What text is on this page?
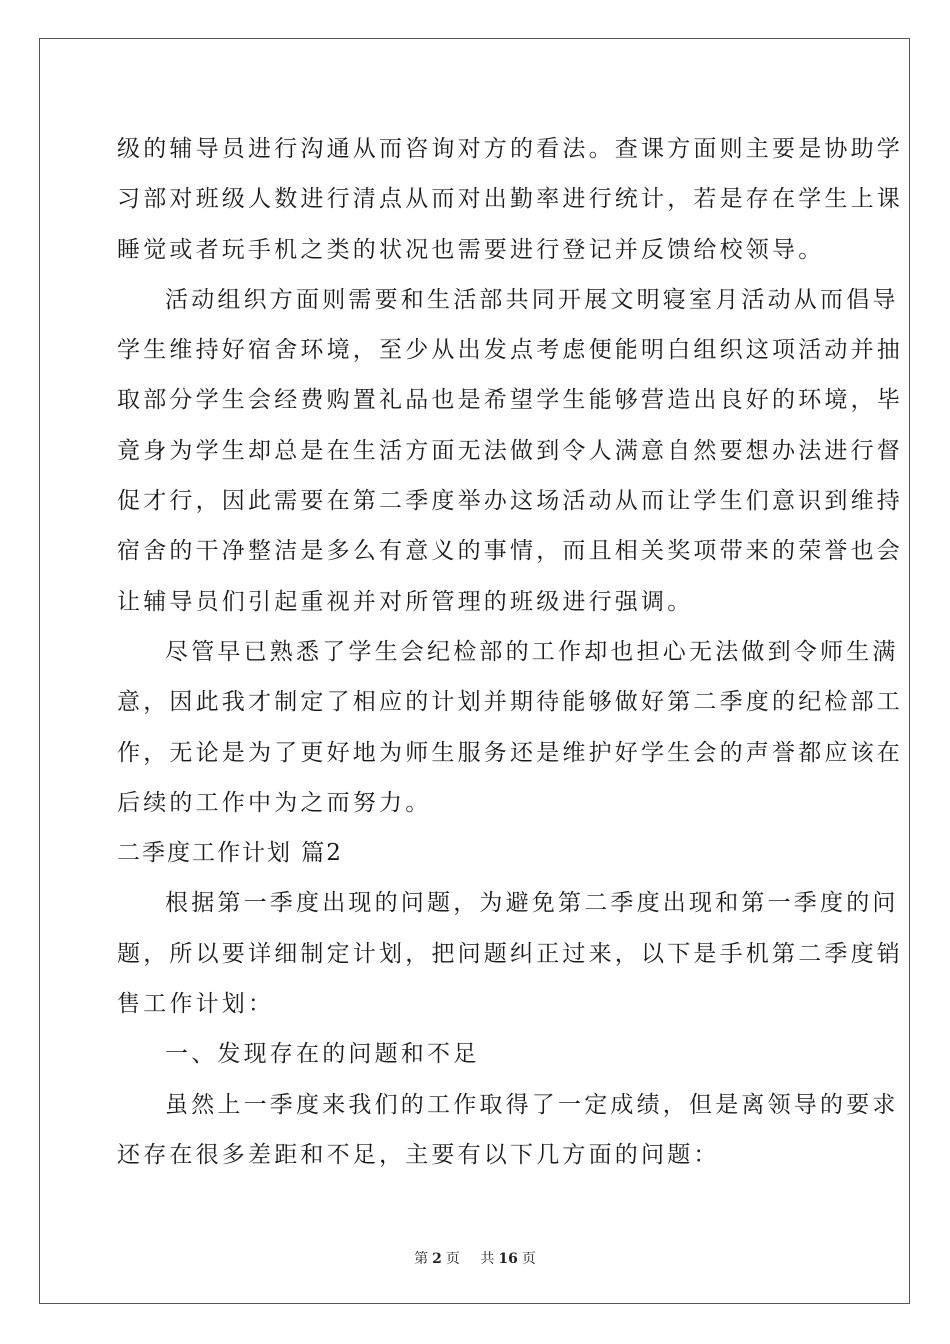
级的辅导员进行沟通从而咨询对方的看法。查课方面则主要是协助学
习部对班级人数进行清点从而对出勤率进行统计，若是存在学生上课
睡觉或者玩手机之类的状况也需要进行登记并反馈给校领导。
活动组织方面则需要和生活部共同开展文明寝室月活动从而倡导
学生维持好宿舍环境，至少从出发点考虑便能明白组织这项活动并抽
取部分学生会经费购置礼品也是希望学生能够营造出良好的环境，毕
竟身为学生却总是在生活方面无法做到令人满意自然要想办法进行督
促才行，因此需要在第二季度举办这场活动从而让学生们意识到维持
宿舍的干净整洁是多么有意义的事情，而且相关奖项带来的荣誉也会
让辅导员们引起重视并对所管理的班级进行强调。
尽管早已熟悉了学生会纪检部的工作却也担心无法做到令师生满
意，因此我才制定了相应的计划并期待能够做好第二季度的纪检部工
作，无论是为了更好地为师生服务还是维护好学生会的声誉都应该在
后续的工作中为之而努力。
二季度工作计划 篇2
根据第一季度出现的问题，为避免第二季度出现和第一季度的问
题，所以要详细制定计划，把问题纠正过来，以下是手机第二季度销
售工作计划：
一、发现存在的问题和不足
虽然上一季度来我们的工作取得了一定成绩，但是离领导的要求
还存在很多差距和不足，主要有以下几方面的问题：
第 2 页 共 16 页
